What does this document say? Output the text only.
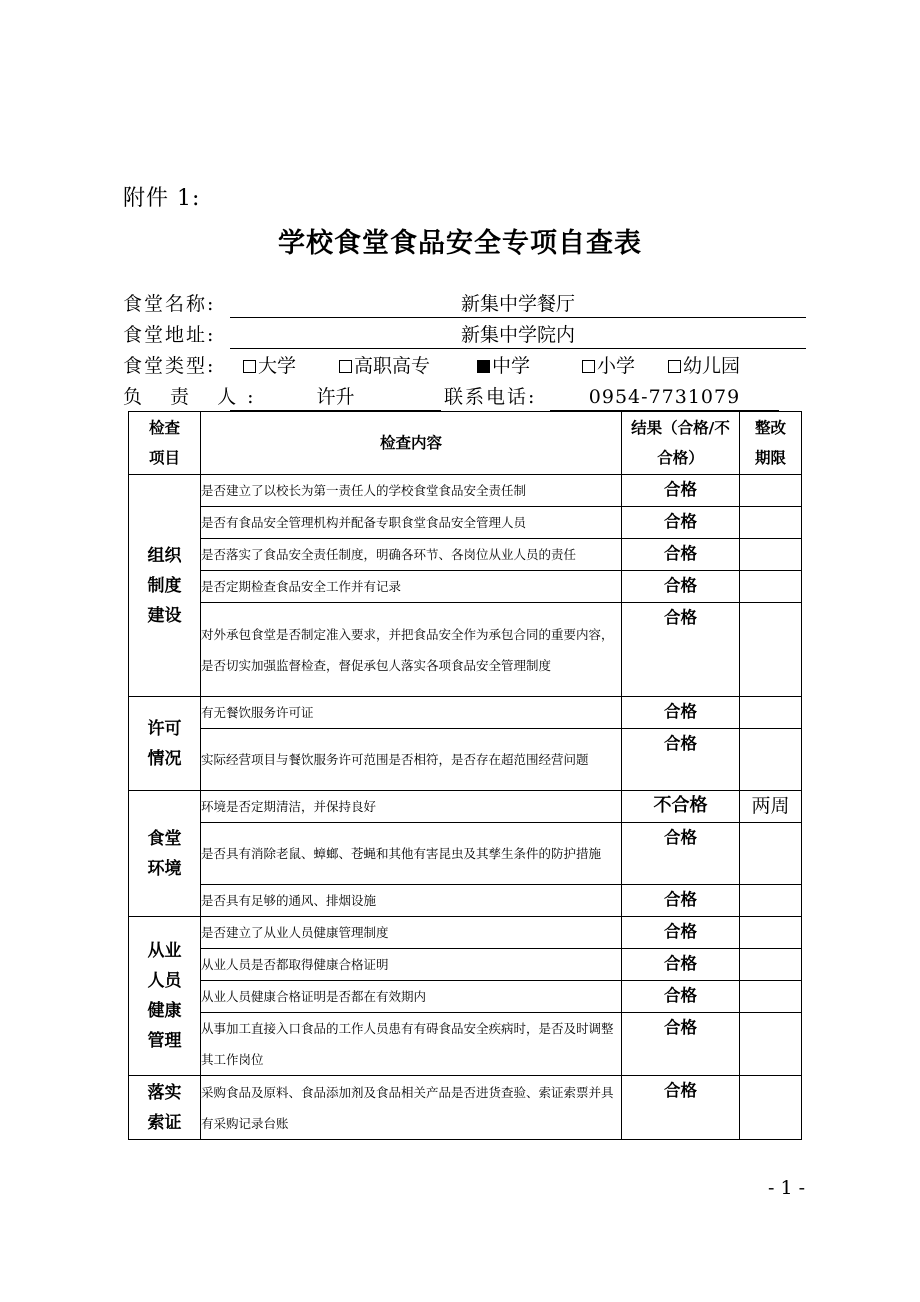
附件 1:
学校食堂食品安全专项自查表
食堂名称:	新集中学餐厅
食堂地址:	新集中学院内
食堂类型:	大学	高职高专	中学	小学	幼儿园
负 责 人:	许升	联系电话:	0954-7731079
检查项目	检查内容	结果（合格/不合格）	整改期限
组织制度建设	是否建立了以校长为第一责任人的学校食堂食品安全责任制	合格	
	是否有食品安全管理机构并配备专职食堂食品安全管理人员	合格	
	是否落实了食品安全责任制度，明确各环节、各岗位从业人员的责任	合格	
	是否定期检查食品安全工作并有记录	合格	
	对外承包食堂是否制定准入要求，并把食品安全作为承包合同的重要内容，是否切实加强监督检查，督促承包人落实各项食品安全管理制度	合格	
许可情况	有无餐饮服务许可证	合格	
	实际经营项目与餐饮服务许可范围是否相符，是否存在超范围经营问题	合格	
食堂环境	环境是否定期清洁，并保持良好	不合格	两周
	是否具有消除老鼠、蟑螂、苍蝇和其他有害昆虫及其孳生条件的防护措施	合格	
	是否具有足够的通风、排烟设施	合格	
从业人员健康管理	是否建立了从业人员健康管理制度	合格	
	从业人员是否都取得健康合格证明	合格	
	从业人员健康合格证明是否都在有效期内	合格	
	从事加工直接入口食品的工作人员患有有碍食品安全疾病时，是否及时调整其工作岗位	合格	
落实索证	采购食品及原料、食品添加剂及食品相关产品是否进货查验、索证索票并具有采购记录台账	合格	
- 1 -
